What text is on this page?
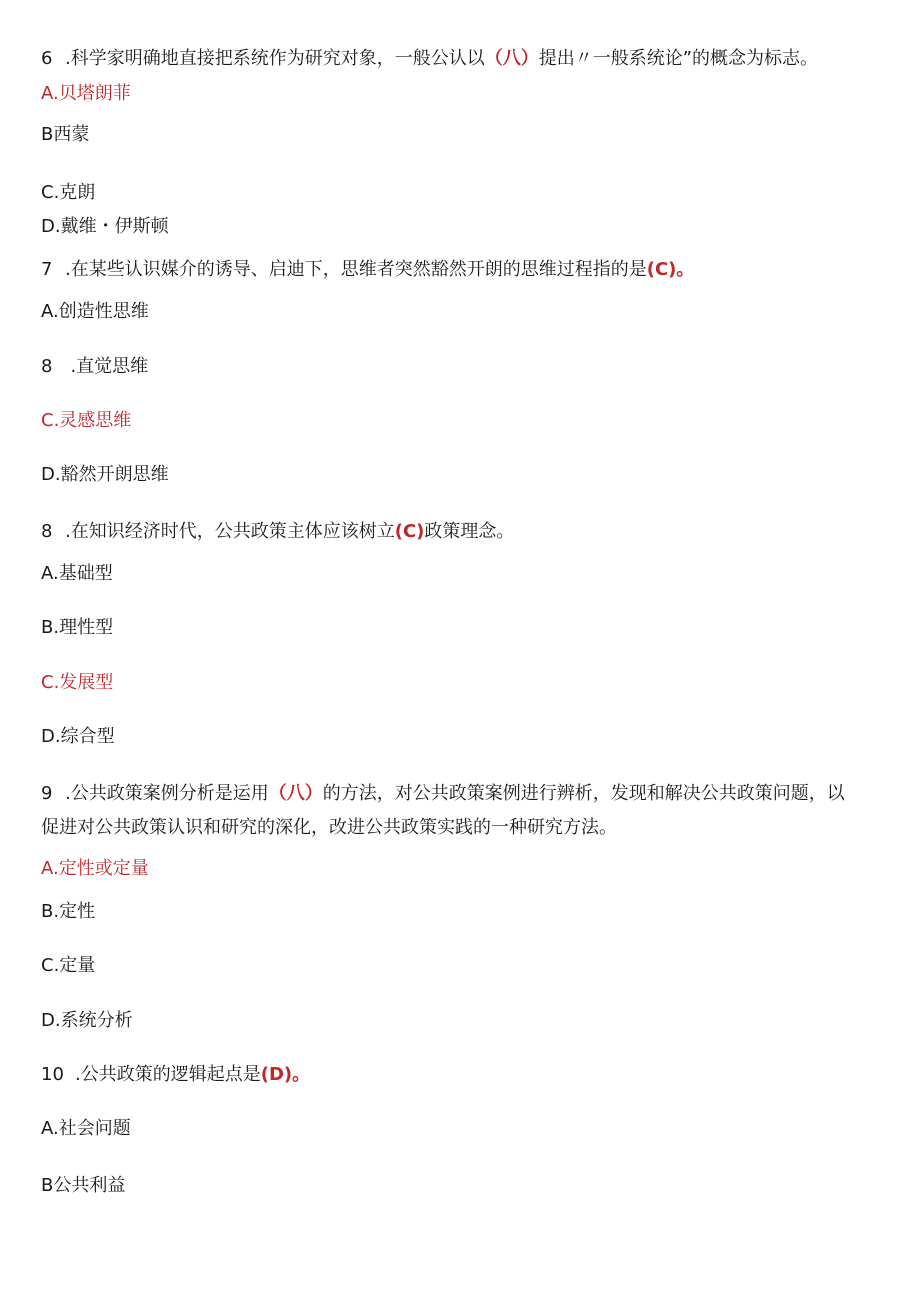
6 .科学家明确地直接把系统作为研究对象，一般公认以（八）提出〃一般系统论”的概念为标志。
A.贝塔朗菲
B西蒙
C.克朗
D.戴维・伊斯顿
7 .在某些认识媒介的诱导、启迪下，思维者突然豁然开朗的思维过程指的是(C)。
A.创造性思维
8　.直觉思维
C.灵感思维
D.豁然开朗思维
8 .在知识经济时代，公共政策主体应该树立(C)政策理念。
A.基础型
B.理性型
C.发展型
D.综合型
9 .公共政策案例分析是运用（八）的方法，对公共政策案例进行辨析，发现和解决公共政策问题，以
促进对公共政策认识和研究的深化，改进公共政策实践的一种研究方法。
A.定性或定量
B.定性
C.定量
D.系统分析
10 .公共政策的逻辑起点是(D)。
A.社会问题
B公共利益
